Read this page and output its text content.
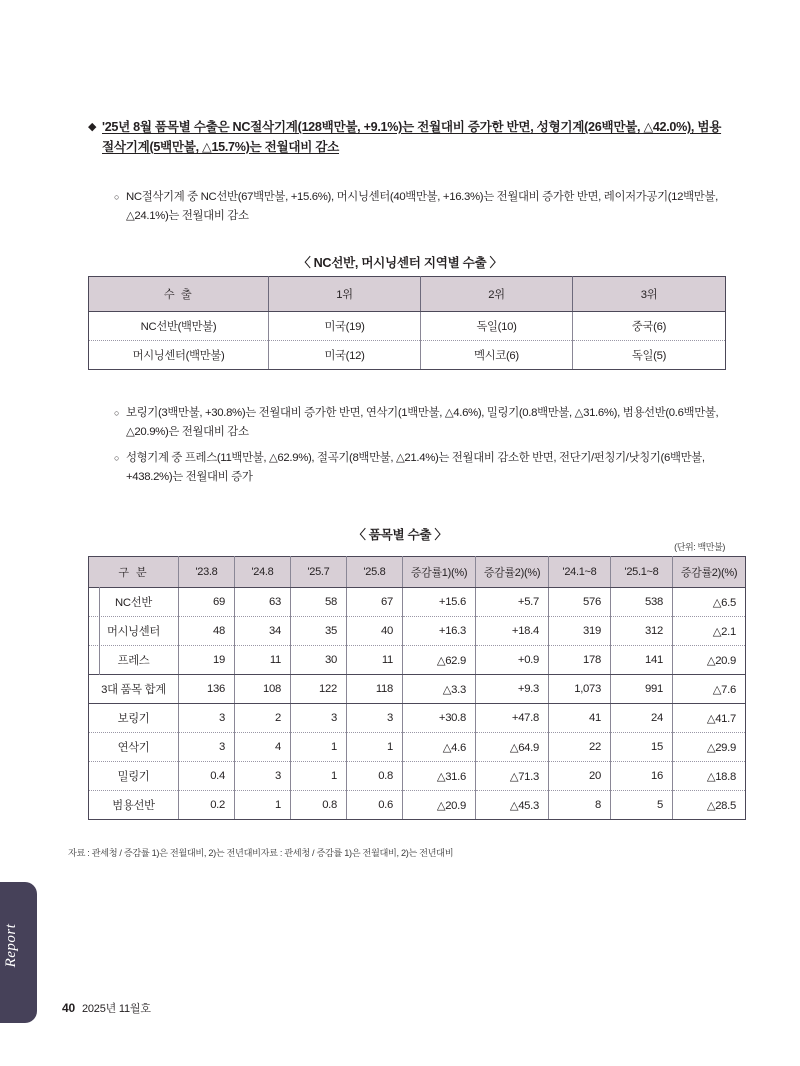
◆ '25년 8월 품목별 수출은 NC절삭기계(128백만불, +9.1%)는 전월대비 증가한 반면, 성형기계(26백만불, △42.0%), 범용절삭기계(5백만불, △15.7%)는 전월대비 감소
○ NC절삭기계 중 NC선반(67백만불, +15.6%), 머시닝센터(40백만불, +16.3%)는 전월대비 증가한 반면, 레이저가공기(12백만불, △24.1%)는 전월대비 감소
〈 NC선반, 머시닝센터 지역별 수출 〉
수 출	1위	2위	3위
NC선반(백만불)	미국(19)	독일(10)	중국(6)
머시닝센터(백만불)	미국(12)	멕시코(6)	독일(5)
○ 보링기(3백만불, +30.8%)는 전월대비 증가한 반면, 연삭기(1백만불, △4.6%), 밀링기(0.8백만불, △31.6%), 범용선반(0.6백만불, △20.9%)은 전월대비 감소
○ 성형기계 중 프레스(11백만불, △62.9%), 절곡기(8백만불, △21.4%)는 전월대비 감소한 반면, 전단기/펀칭기/낫칭기(6백만불, +438.2%)는 전월대비 증가
〈 품목별 수출 〉
(단위: 백만불)
구 분	'23.8	'24.8	'25.7	'25.8	증감률1)(%)	증감률2)(%)	'24.1~8	'25.1~8	증감률2)(%)
NC선반	69	63	58	67	+15.6	+5.7	576	538	△6.5
머시닝센터	48	34	35	40	+16.3	+18.4	319	312	△2.1
프레스	19	11	30	11	△62.9	+0.9	178	141	△20.9
3대 품목 합계	136	108	122	118	△3.3	+9.3	1,073	991	△7.6
보링기	3	2	3	3	+30.8	+47.8	41	24	△41.7
연삭기	3	4	1	1	△4.6	△64.9	22	15	△29.9
밀링기	0.4	3	1	0.8	△31.6	△71.3	20	16	△18.8
범용선반	0.2	1	0.8	0.6	△20.9	△45.3	8	5	△28.5
자료 : 관세청 / 증감률 1)은 전월대비, 2)는 전년대비자료 : 관세청 / 증감률 1)은 전월대비, 2)는 전년대비
Report
40 2025년 11월호
